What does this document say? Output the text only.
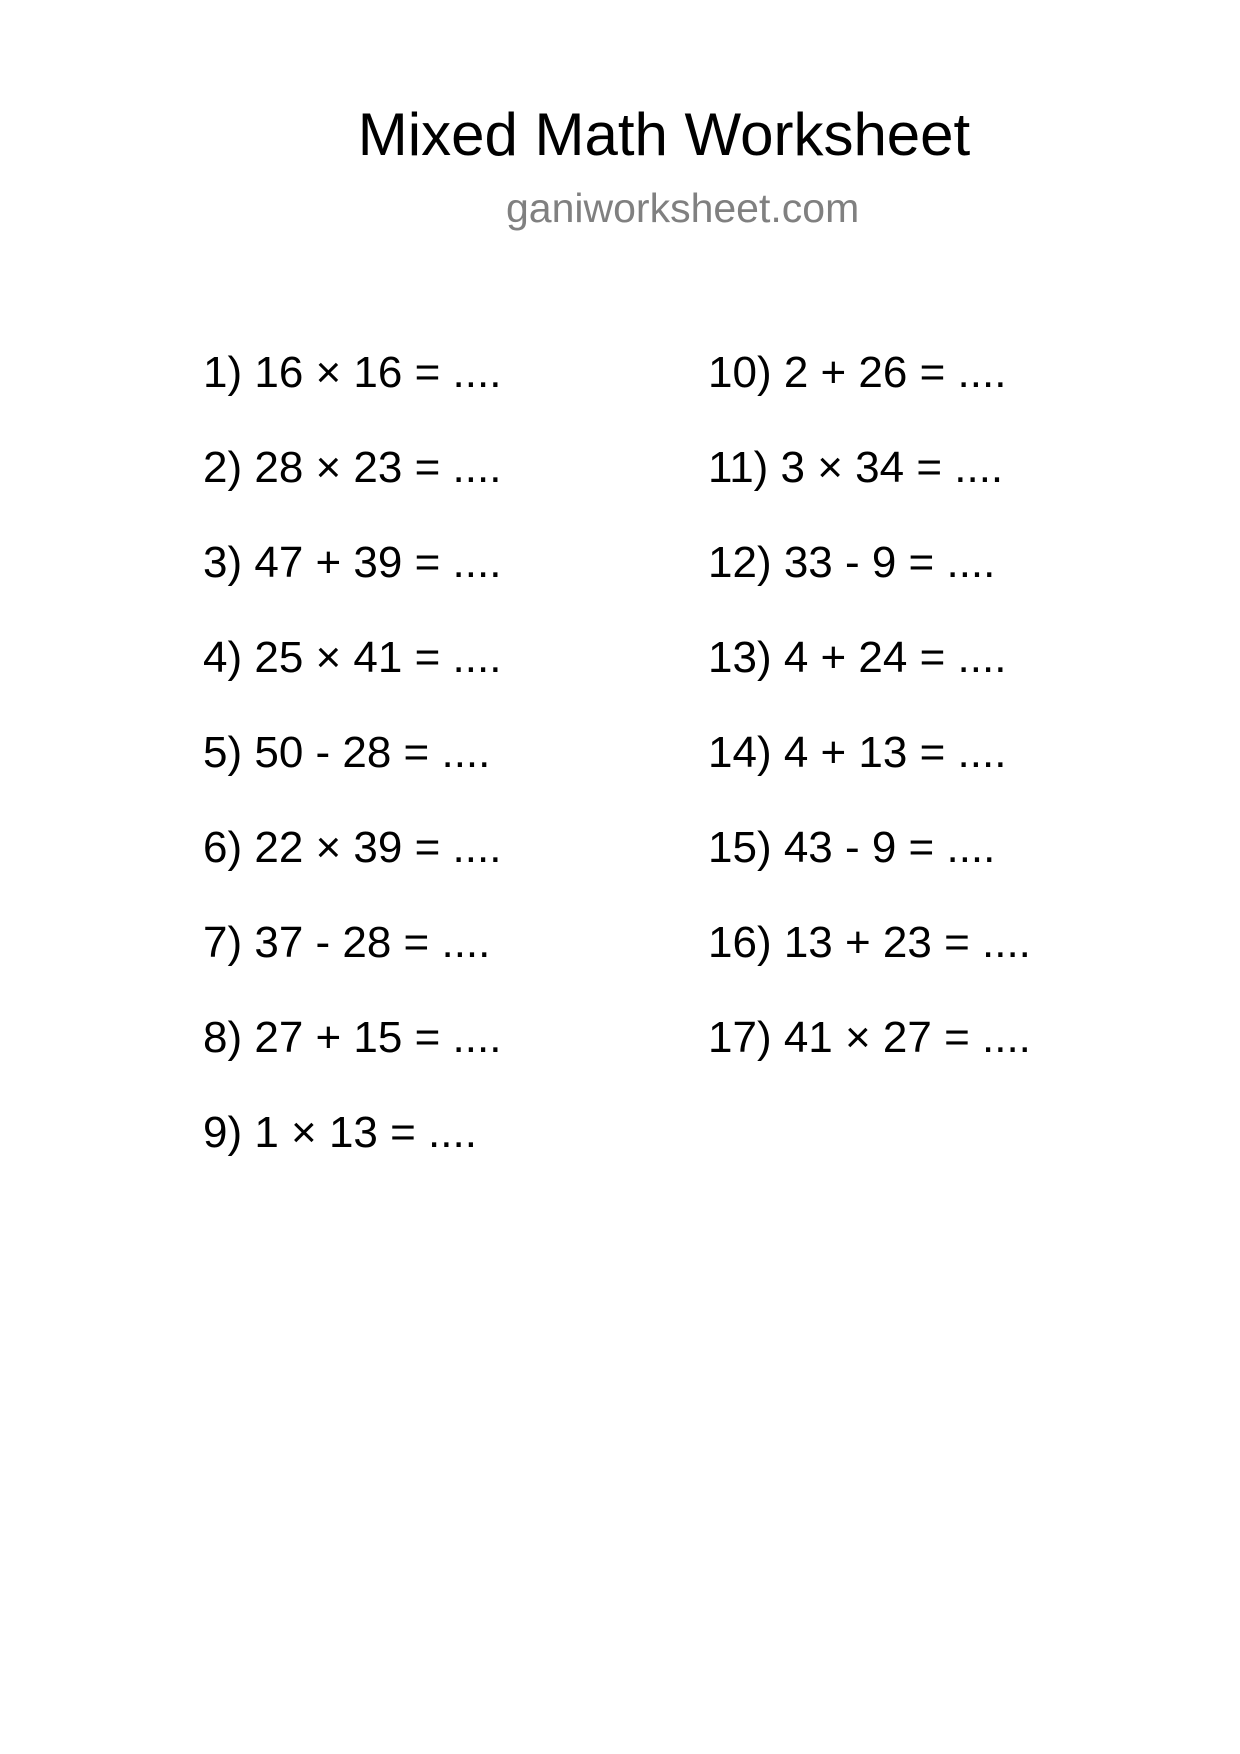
Mixed Math Worksheet
ganiworksheet.com
1) 16 × 16 = ....
2) 28 × 23 = ....
3) 47 + 39 = ....
4) 25 × 41 = ....
5) 50 - 28 = ....
6) 22 × 39 = ....
7) 37 - 28 = ....
8) 27 + 15 = ....
9) 1 × 13 = ....
10) 2 + 26 = ....
11) 3 × 34 = ....
12) 33 - 9 = ....
13) 4 + 24 = ....
14) 4 + 13 = ....
15) 43 - 9 = ....
16) 13 + 23 = ....
17) 41 × 27 = ....
